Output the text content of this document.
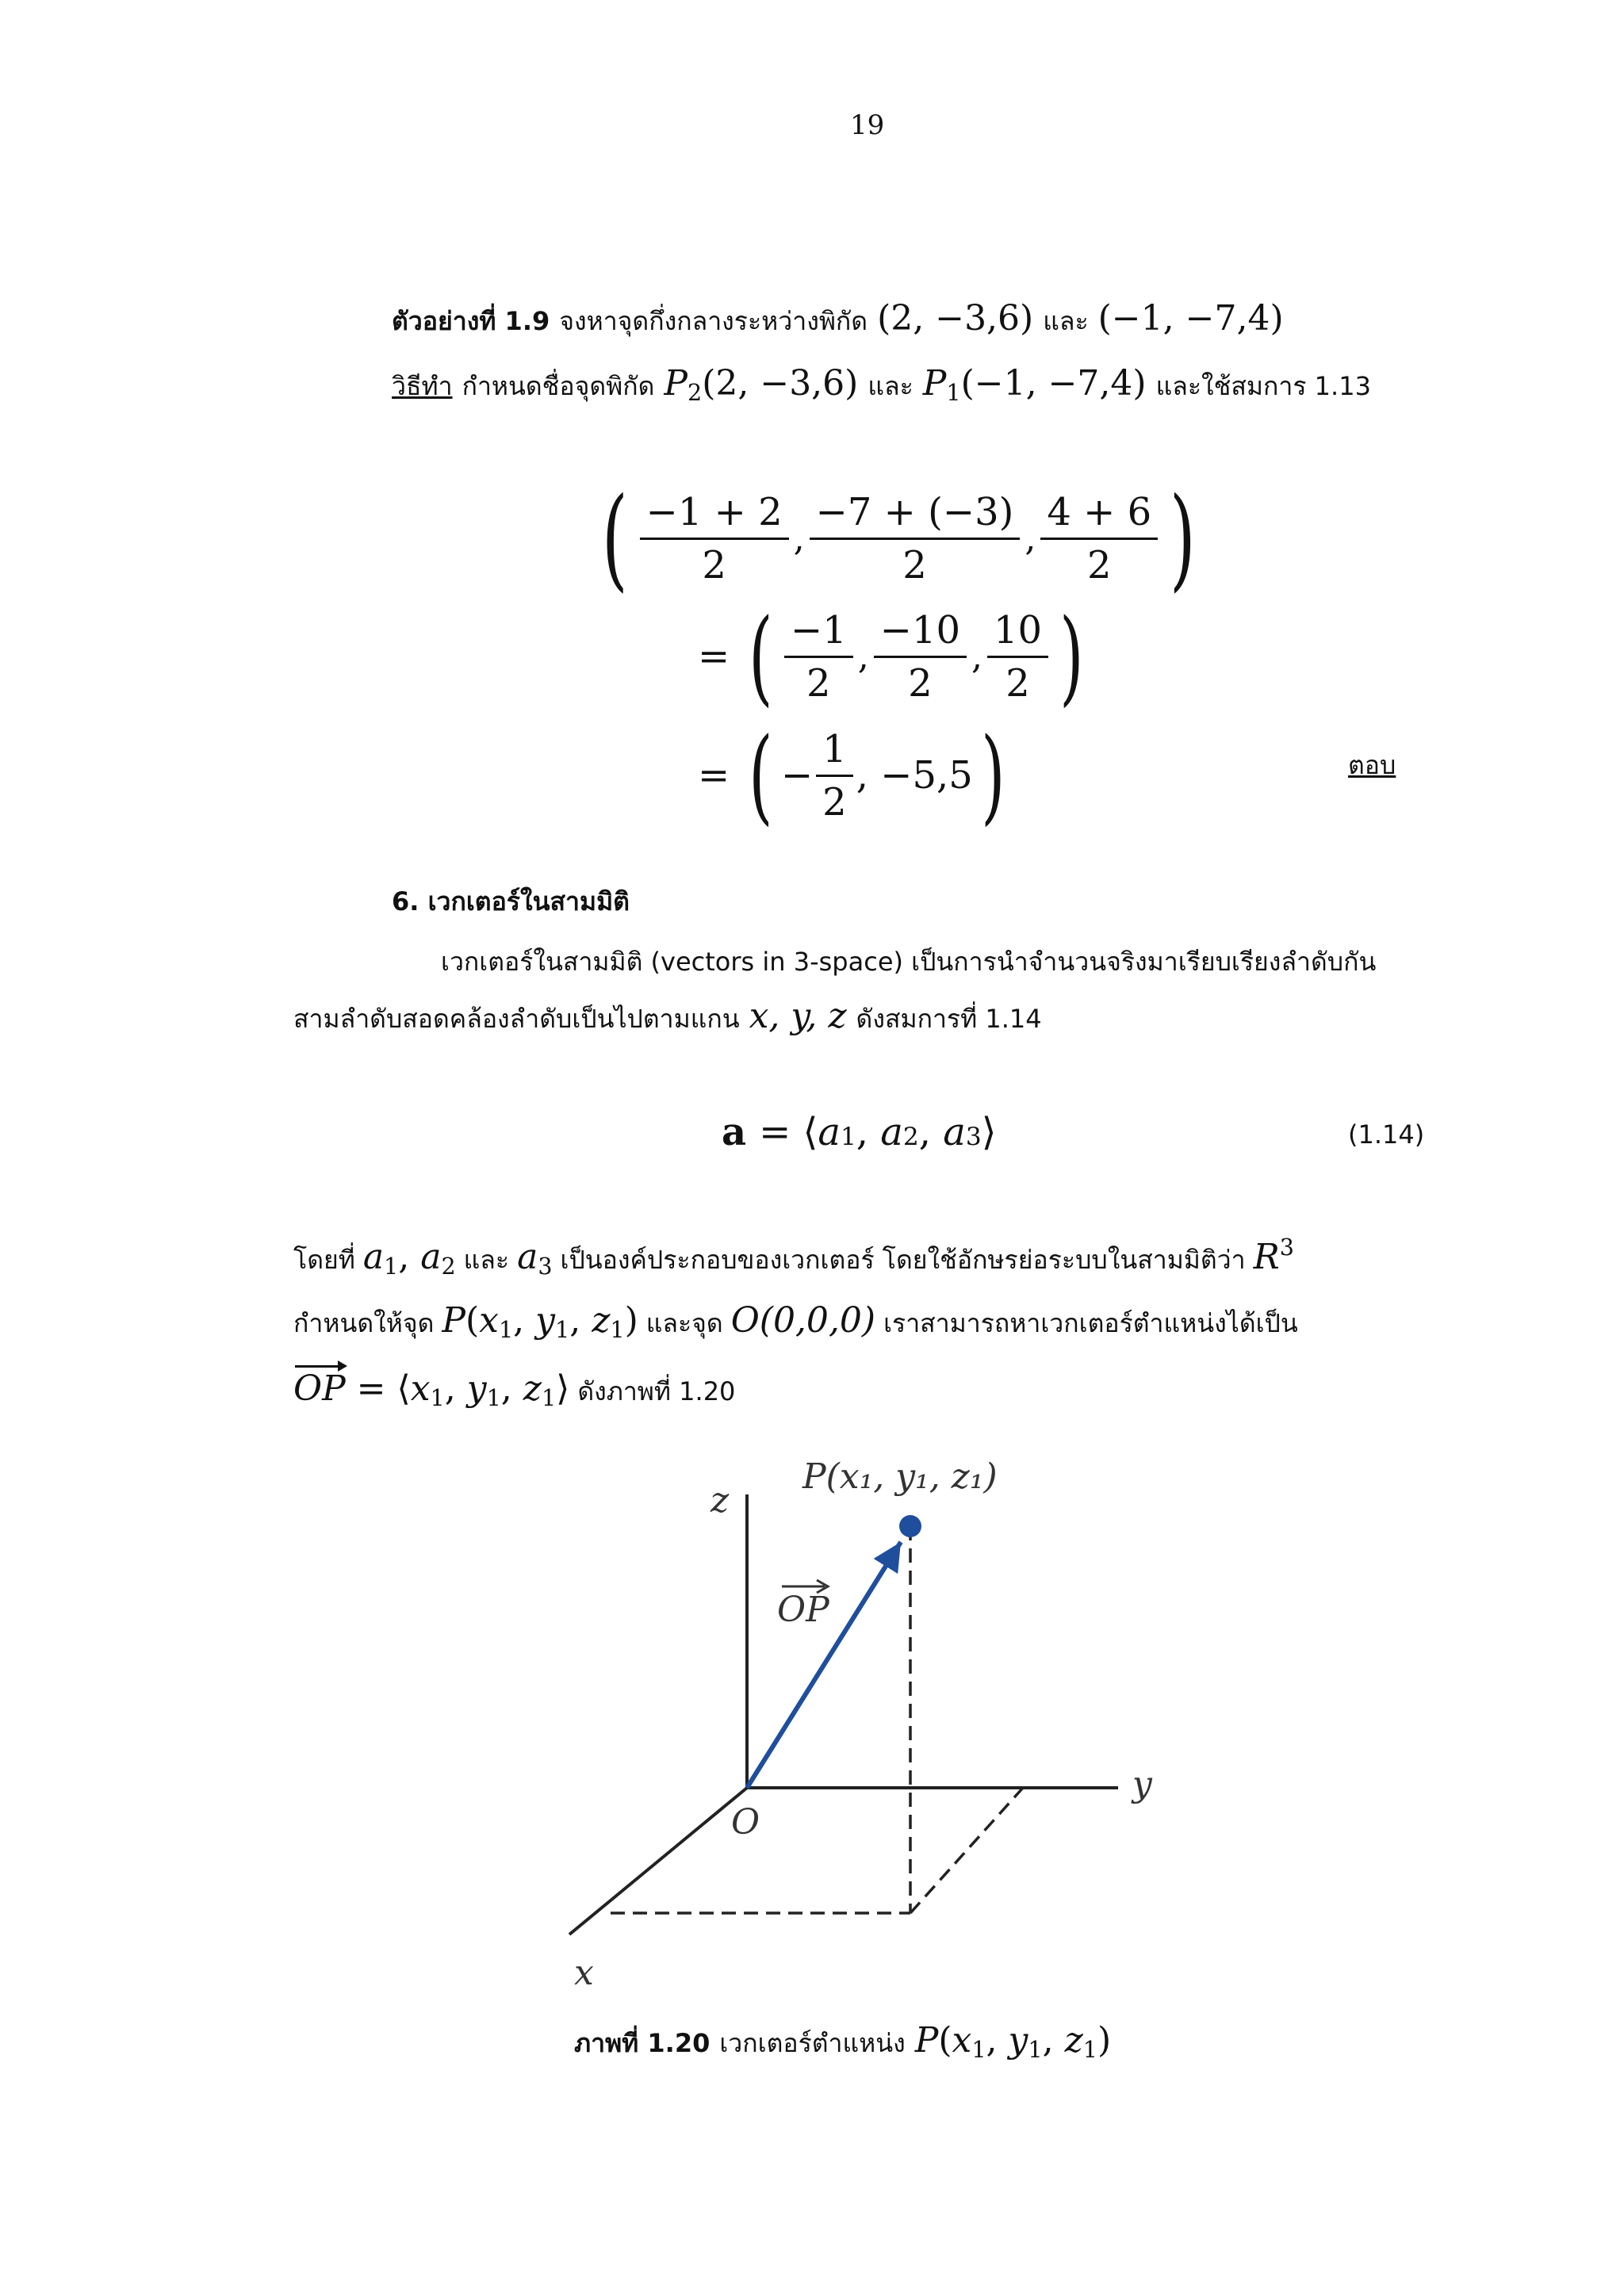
19
ตัวอย่างที่ 1.9 จงหาจุดกึ่งกลางระหว่างพิกัด (2, −3,6) และ (−1, −7,4)
วิธีทำ กำหนดชื่อจุดพิกัด $P_2(2$, −3,6) และ $P_1(-1$, −7,4) และใช้สมการ 1.13
( $\frac{-1 + 2}{2}$ , $\frac{-7 + (-3)}{2}$ , $\frac{4 + 6}{2}$ )
= ( $\frac{-1}{2}$ , $\frac{-10}{2}$ , $\frac{10}{2}$ )
= ( − $\frac{1}{2}$ , −5,5 )	ตอบ
6. เวกเตอร์ในสามมิติ
เวกเตอร์ในสามมิติ (vectors in 3-space) เป็นการนำจำนวนจริงมาเรียบเรียงลำดับกัน
สามลำดับสอดคล้องลำดับเป็นไปตามแกน x, y, z ดังสมการที่ 1.14
a = ⟨ a 1 , a 2 , a 3 ⟩	(1.14)
โดยที่ $a_1$, $a_2$ และ $a_3$ เป็นองค์ประกอบของเวกเตอร์ โดยใช้อักษรย่อระบบในสามมิติว่า $R^3$
กำหนดให้จุด $P(x_1$, $y_1$, $z_1$) และจุด O(0,0,0) เราสามารถหาเวกเตอร์ตำแหน่งได้เป็น
OP = $⟨x_1$, $y_1$, $z_1⟩$ ดังภาพที่ 1.20
P(x₁, y₁, z₁)
OP
O
x
y
z
ภาพที่ 1.20 เวกเตอร์ตำแหน่ง $P(x_1$, $y_1$, $z_1$)
